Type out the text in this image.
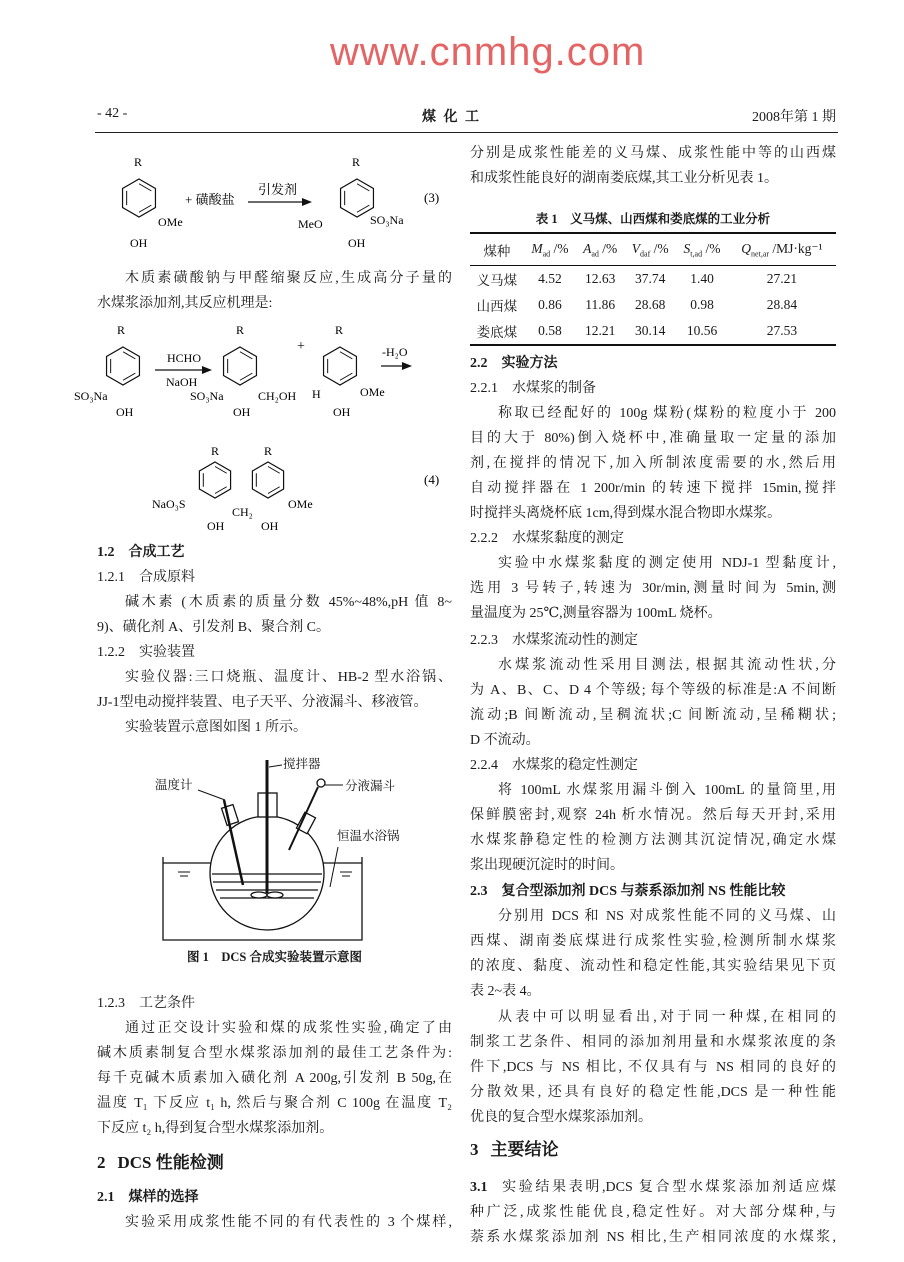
- 42 -	煤 化 工	2008年第 1 期
木质素磺酸钠与甲醛缩聚反应,生成高分子量的
水煤浆添加剂,其反应机理是:
1.2 合成工艺
1.2.1 合成原料
碱木素 (木质素的质量分数 45%~48%,pH 值 8~
9)、磺化剂 A、引发剂 B、聚合剂 C。
1.2.2 实验装置
实验仪器:三口烧瓶、温度计、HB-2 型水浴锅、
JJ-1型电动搅拌装置、电子天平、分液漏斗、移液管。
实验装置示意图如图 1 所示。
图 1　DCS 合成实验装置示意图
1.2.3 工艺条件
通过正交设计实验和煤的成浆性实验,确定了由
碱木质素制复合型水煤浆添加剂的最佳工艺条件为:
每千克碱木质素加入磺化剂 A 200g,引发剂 B 50g,在
温度 T₁ 下反应 t₁ h, 然后与聚合剂 C 100g 在温度 T₂
下反应 t₂ h,得到复合型水煤浆添加剂。
2 DCS 性能检测
2.1 煤样的选择
实验采用成浆性能不同的有代表性的 3 个煤样,
分别是成浆性能差的义马煤、成浆性能中等的山西煤
和成浆性能良好的湖南娄底煤,其工业分析见表 1。
表 1　义马煤、山西煤和娄底煤的工业分析
煤种	$M_{ad}$ /%	$A_{ad}$ /%	$V_{daf}$ /%	$S_{t,ad}$ /%	$Q_{net,ar}$ /MJ·kg⁻¹
义马煤	4.52	12.63	37.74	1.40	27.21
山西煤	0.86	11.86	28.68	0.98	28.84
娄底煤	0.58	12.21	30.14	10.56	27.53
2.2 实验方法
2.2.1 水煤浆的制备
称取已经配好的 100g 煤粉(煤粉的粒度小于 200
目的大于 80%)倒入烧杯中,准确量取一定量的添加
剂,在搅拌的情况下,加入所制浓度需要的水,然后用
自动搅拌器在 1 200r/min 的转速下搅拌 15min,搅拌
时搅拌头离烧杯底 1cm,得到煤水混合物即水煤浆。
2.2.2 水煤浆黏度的测定
实验中水煤浆黏度的测定使用 NDJ-1 型黏度计,
选用 3 号转子,转速为 30r/min,测量时间为 5min,测
量温度为 25℃,测量容器为 100mL 烧杯。
2.2.3 水煤浆流动性的测定
水煤浆流动性采用目测法, 根据其流动性状,分
为 A、B、C、D 4 个等级; 每个等级的标准是:A 不间断
流动;B 间断流动,呈稠流状;C 间断流动,呈稀糊状;
D 不流动。
2.2.4 水煤浆的稳定性测定
将 100mL 水煤浆用漏斗倒入 100mL 的量筒里,用
保鲜膜密封,观察 24h 析水情况。然后每天开封,采用
水煤浆静稳定性的检测方法测其沉淀情况,确定水煤
浆出现硬沉淀时的时间。
2.3 复合型添加剂 DCS 与萘系添加剂 NS 性能比较
分别用 DCS 和 NS 对成浆性能不同的义马煤、山
西煤、湖南娄底煤进行成浆性实验,检测所制水煤浆
的浓度、黏度、流动性和稳定性能,其实验结果见下页
表 2~表 4。
从表中可以明显看出,对于同一种煤,在相同的
制浆工艺条件、相同的添加剂用量和水煤浆浓度的条
件下,DCS 与 NS 相比, 不仅具有与 NS 相同的良好的
分散效果, 还具有良好的稳定性能,DCS 是一种性能
优良的复合型水煤浆添加剂。
3 主要结论
3.1 实验结果表明,DCS 复合型水煤浆添加剂适应煤
种广泛,成浆性能优良,稳定性好。对大部分煤种,与
萘系水煤浆添加剂 NS 相比,生产相同浓度的水煤浆,
R
OH
OMe
+ 磺酸盐
引发剂
R
MeO
OH
SO₃Na
(3)
R
SO₃Na
OH
HCHO
NaOH
R
SO₃Na
OH
CH₂OH
+
R
H
OH
OMe
-H₂O
R	R
NaO₃S
OH
CH₂
OH
OMe
(4)
搅拌器
温度计	分液漏斗
恒温水浴锅
www.cnmhg.com
